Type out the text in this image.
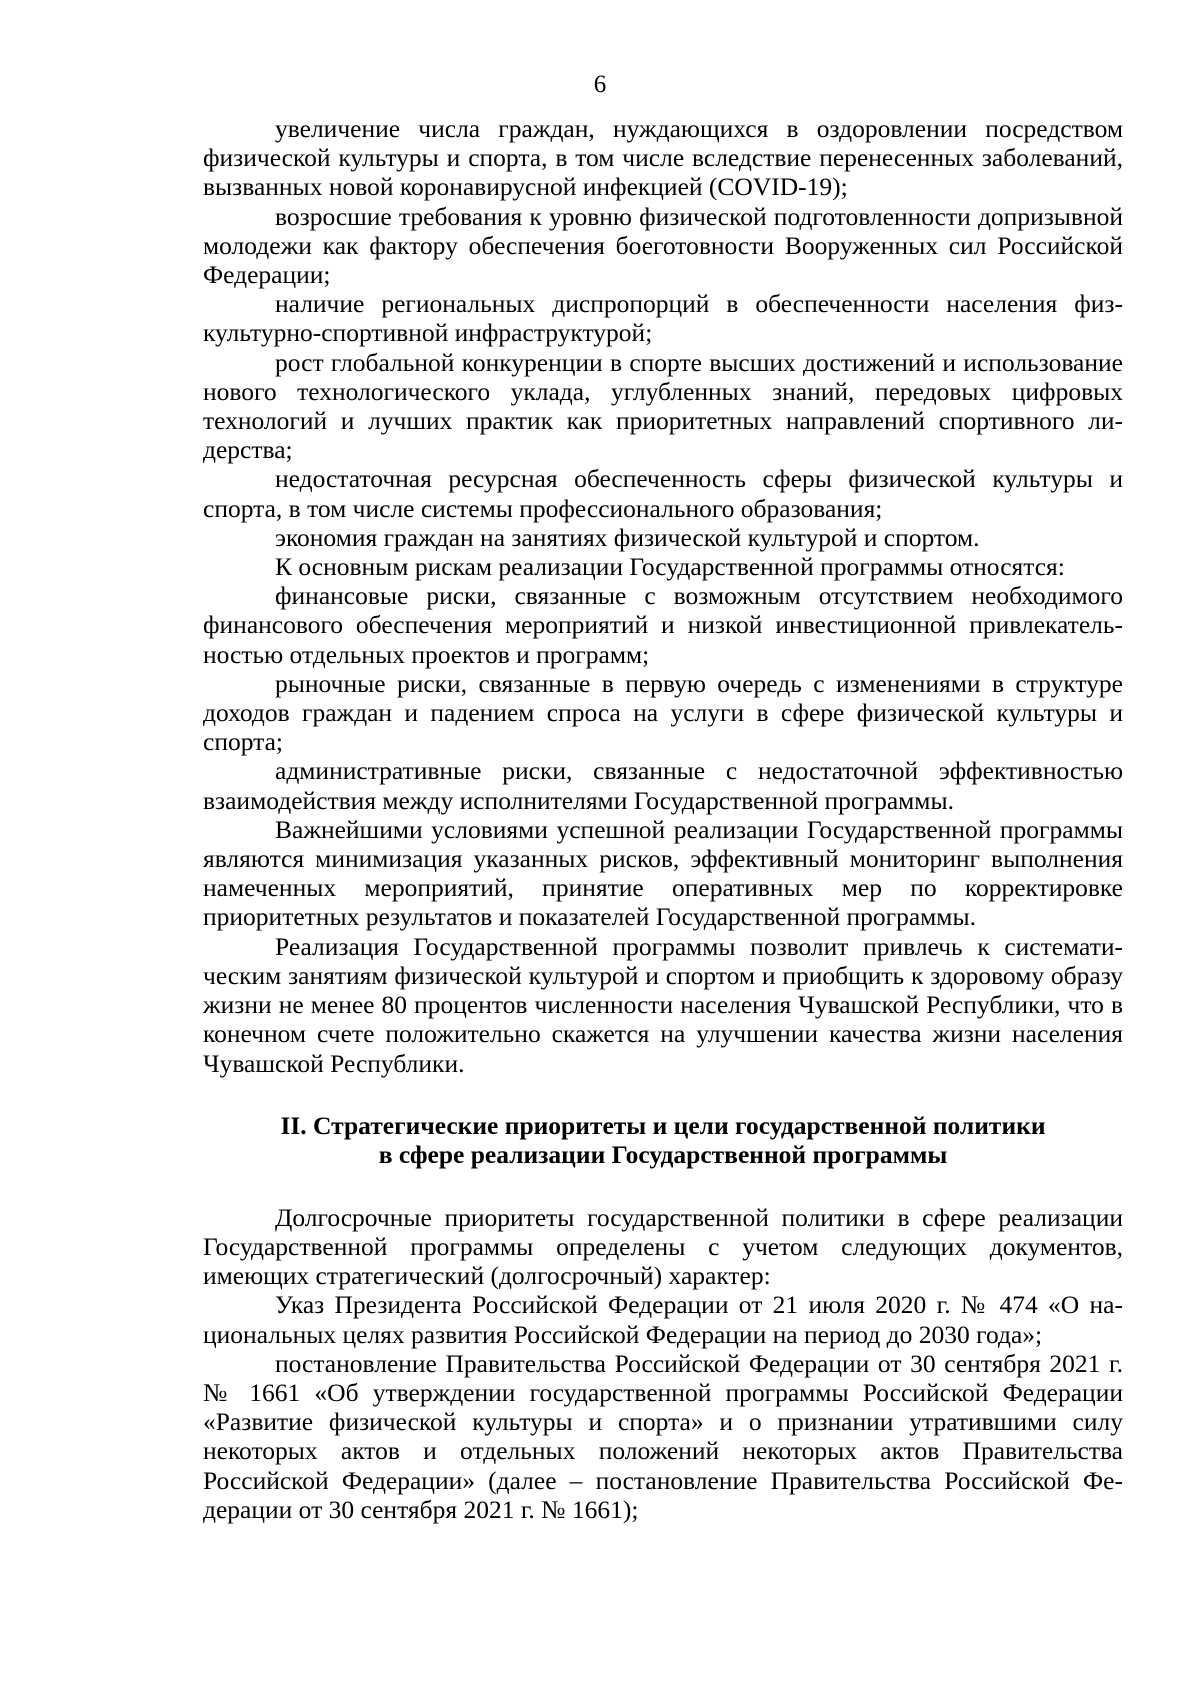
6

увеличение числа граждан, нуждающихся в оздоровлении посредством физической культуры и спорта, в том числе вследствие перенесенных заболеваний, вызванных новой коронавирусной инфекцией (COVID-19);

возросшие требования к уровню физической подготовленности допризывной молодежи как фактору обеспечения боеготовности Вооруженных сил Российской Федерации;

наличие региональных диспропорций в обеспеченности населения физкультурно-спортивной инфраструктурой;

рост глобальной конкуренции в спорте высших достижений и использование нового технологического уклада, углубленных знаний, передовых цифровых технологий и лучших практик как приоритетных направлений спортивного лидерства;

недостаточная ресурсная обеспеченность сферы физической культуры и спорта, в том числе системы профессионального образования;

экономия граждан на занятиях физической культурой и спортом.

К основным рискам реализации Государственной программы относятся:

финансовые риски, связанные с возможным отсутствием необходимого финансового обеспечения мероприятий и низкой инвестиционной привлекательностью отдельных проектов и программ;

рыночные риски, связанные в первую очередь с изменениями в структуре доходов граждан и падением спроса на услуги в сфере физической культуры и спорта;

административные риски, связанные с недостаточной эффективностью взаимодействия между исполнителями Государственной программы.

Важнейшими условиями успешной реализации Государственной программы являются минимизация указанных рисков, эффективный мониторинг выполнения намеченных мероприятий, принятие оперативных мер по корректировке приоритетных результатов и показателей Государственной программы.

Реализация Государственной программы позволит привлечь к систематическим занятиям физической культурой и спортом и приобщить к здоровому образу жизни не менее 80 процентов численности населения Чувашской Республики, что в конечном счете положительно скажется на улучшении качества жизни населения Чувашской Республики.

II. Стратегические приоритеты и цели государственной политики
в сфере реализации Государственной программы

Долгосрочные приоритеты государственной политики в сфере реализации Государственной программы определены с учетом следующих документов, имеющих стратегический (долгосрочный) характер:

Указ Президента Российской Федерации от 21 июля 2020 г. № 474 «О национальных целях развития Российской Федерации на период до 2030 года»;

постановление Правительства Российской Федерации от 30 сентября 2021 г. № 1661 «Об утверждении государственной программы Российской Федерации «Развитие физической культуры и спорта» и о признании утратившими силу некоторых актов и отдельных положений некоторых актов Правительства Российской Федерации» (далее – постановление Правительства Российской Федерации от 30 сентября 2021 г. № 1661);
